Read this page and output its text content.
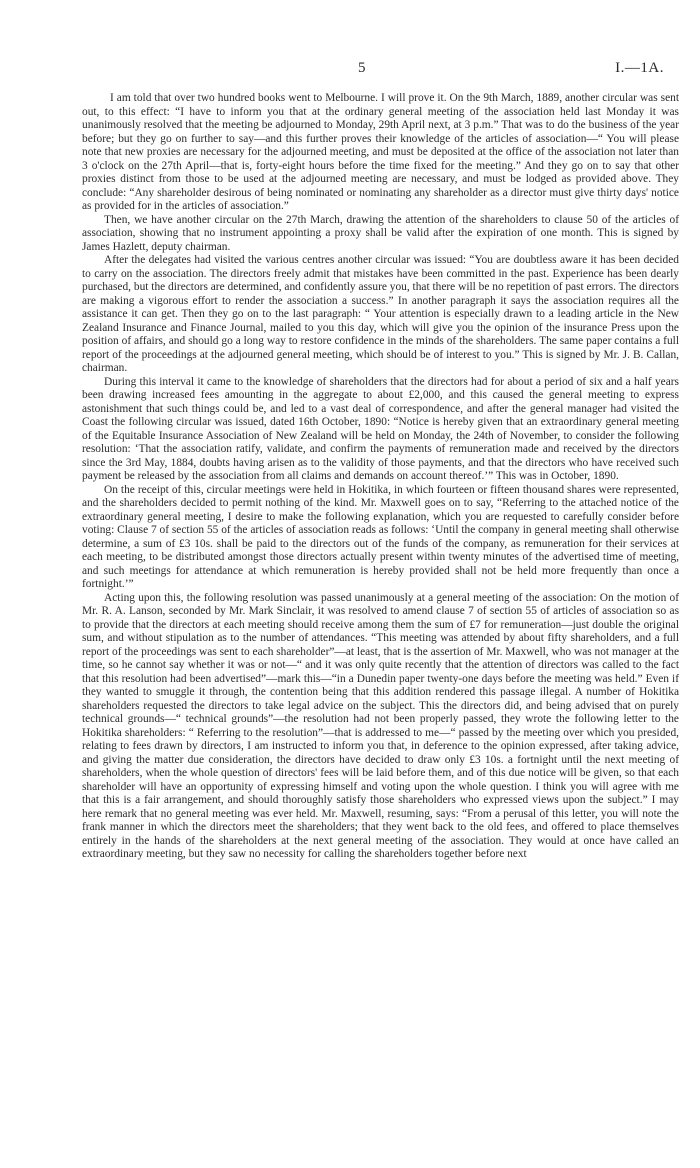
5	I.—1A.

I am told that over two hundred books went to Melbourne. I will prove it. On the 9th March, 1889, another circular was sent out, to this effect: “I have to inform you that at the ordinary general meeting of the association held last Monday it was unanimously resolved that the meeting be adjourned to Monday, 29th April next, at 3 p.m.” That was to do the business of the year before; but they go on further to say—and this further proves their knowledge of the articles of association—“ You will please note that new proxies are necessary for the adjourned meeting, and must be deposited at the office of the association not later than 3 o'clock on the 27th April—that is, forty-eight hours before the time fixed for the meeting.” And they go on to say that other proxies distinct from those to be used at the adjourned meeting are necessary, and must be lodged as provided above. They conclude: “Any shareholder desirous of being nominated or nominating any shareholder as a director must give thirty days' notice as provided for in the articles of association.”

Then, we have another circular on the 27th March, drawing the attention of the shareholders to clause 50 of the articles of association, showing that no instrument appointing a proxy shall be valid after the expiration of one month. This is signed by James Hazlett, deputy chairman.

After the delegates had visited the various centres another circular was issued: “You are doubtless aware it has been decided to carry on the association. The directors freely admit that mistakes have been committed in the past. Experience has been dearly purchased, but the directors are determined, and confidently assure you, that there will be no repetition of past errors. The directors are making a vigorous effort to render the association a success.” In another paragraph it says the association requires all the assistance it can get. Then they go on to the last paragraph: “ Your attention is especially drawn to a leading article in the New Zealand Insurance and Finance Journal, mailed to you this day, which will give you the opinion of the insurance Press upon the position of affairs, and should go a long way to restore confidence in the minds of the shareholders. The same paper contains a full report of the proceedings at the adjourned general meeting, which should be of interest to you.” This is signed by Mr. J. B. Callan, chairman.

During this interval it came to the knowledge of shareholders that the directors had for about a period of six and a half years been drawing increased fees amounting in the aggregate to about £2,000, and this caused the general meeting to express astonishment that such things could be, and led to a vast deal of correspondence, and after the general manager had visited the Coast the following circular was issued, dated 16th October, 1890: “Notice is hereby given that an extraordinary general meeting of the Equitable Insurance Association of New Zealand will be held on Monday, the 24th of November, to consider the following resolution: ‘That the association ratify, validate, and confirm the payments of remuneration made and received by the directors since the 3rd May, 1884, doubts having arisen as to the validity of those payments, and that the directors who have received such payment be released by the association from all claims and demands on account thereof.’” This was in October, 1890.

On the receipt of this, circular meetings were held in Hokitika, in which fourteen or fifteen thousand shares were represented, and the shareholders decided to permit nothing of the kind. Mr. Maxwell goes on to say, “Referring to the attached notice of the extraordinary general meeting, I desire to make the following explanation, which you are requested to carefully consider before voting: Clause 7 of section 55 of the articles of association reads as follows: ‘Until the company in general meeting shall otherwise determine, a sum of £3 10s. shall be paid to the directors out of the funds of the company, as remuneration for their services at each meeting, to be distributed amongst those directors actually present within twenty minutes of the advertised time of meeting, and such meetings for attendance at which remuneration is hereby provided shall not be held more frequently than once a fortnight.’”

Acting upon this, the following resolution was passed unanimously at a general meeting of the association: On the motion of Mr. R. A. Lanson, seconded by Mr. Mark Sinclair, it was resolved to amend clause 7 of section 55 of articles of association so as to provide that the directors at each meeting should receive among them the sum of £7 for remuneration—just double the original sum, and without stipulation as to the number of attendances. “This meeting was attended by about fifty shareholders, and a full report of the proceedings was sent to each shareholder”—at least, that is the assertion of Mr. Maxwell, who was not manager at the time, so he cannot say whether it was or not—“ and it was only quite recently that the attention of directors was called to the fact that this resolution had been advertised”—mark this—“in a Dunedin paper twenty-one days before the meeting was held.” Even if they wanted to smuggle it through, the contention being that this addition rendered this passage illegal. A number of Hokitika shareholders requested the directors to take legal advice on the subject. This the directors did, and being advised that on purely technical grounds—“ technical grounds”—the resolution had not been properly passed, they wrote the following letter to the Hokitika shareholders: “ Referring to the resolution”—that is addressed to me—“ passed by the meeting over which you presided, relating to fees drawn by directors, I am instructed to inform you that, in deference to the opinion expressed, after taking advice, and giving the matter due consideration, the directors have decided to draw only £3 10s. a fortnight until the next meeting of shareholders, when the whole question of directors' fees will be laid before them, and of this due notice will be given, so that each shareholder will have an opportunity of expressing himself and voting upon the whole question. I think you will agree with me that this is a fair arrangement, and should thoroughly satisfy those shareholders who expressed views upon the subject.” I may here remark that no general meeting was ever held. Mr. Maxwell, resuming, says: “From a perusal of this letter, you will note the frank manner in which the directors meet the shareholders; that they went back to the old fees, and offered to place themselves entirely in the hands of the shareholders at the next general meeting of the association. They would at once have called an extraordinary meeting, but they saw no necessity for calling the shareholders together before next
